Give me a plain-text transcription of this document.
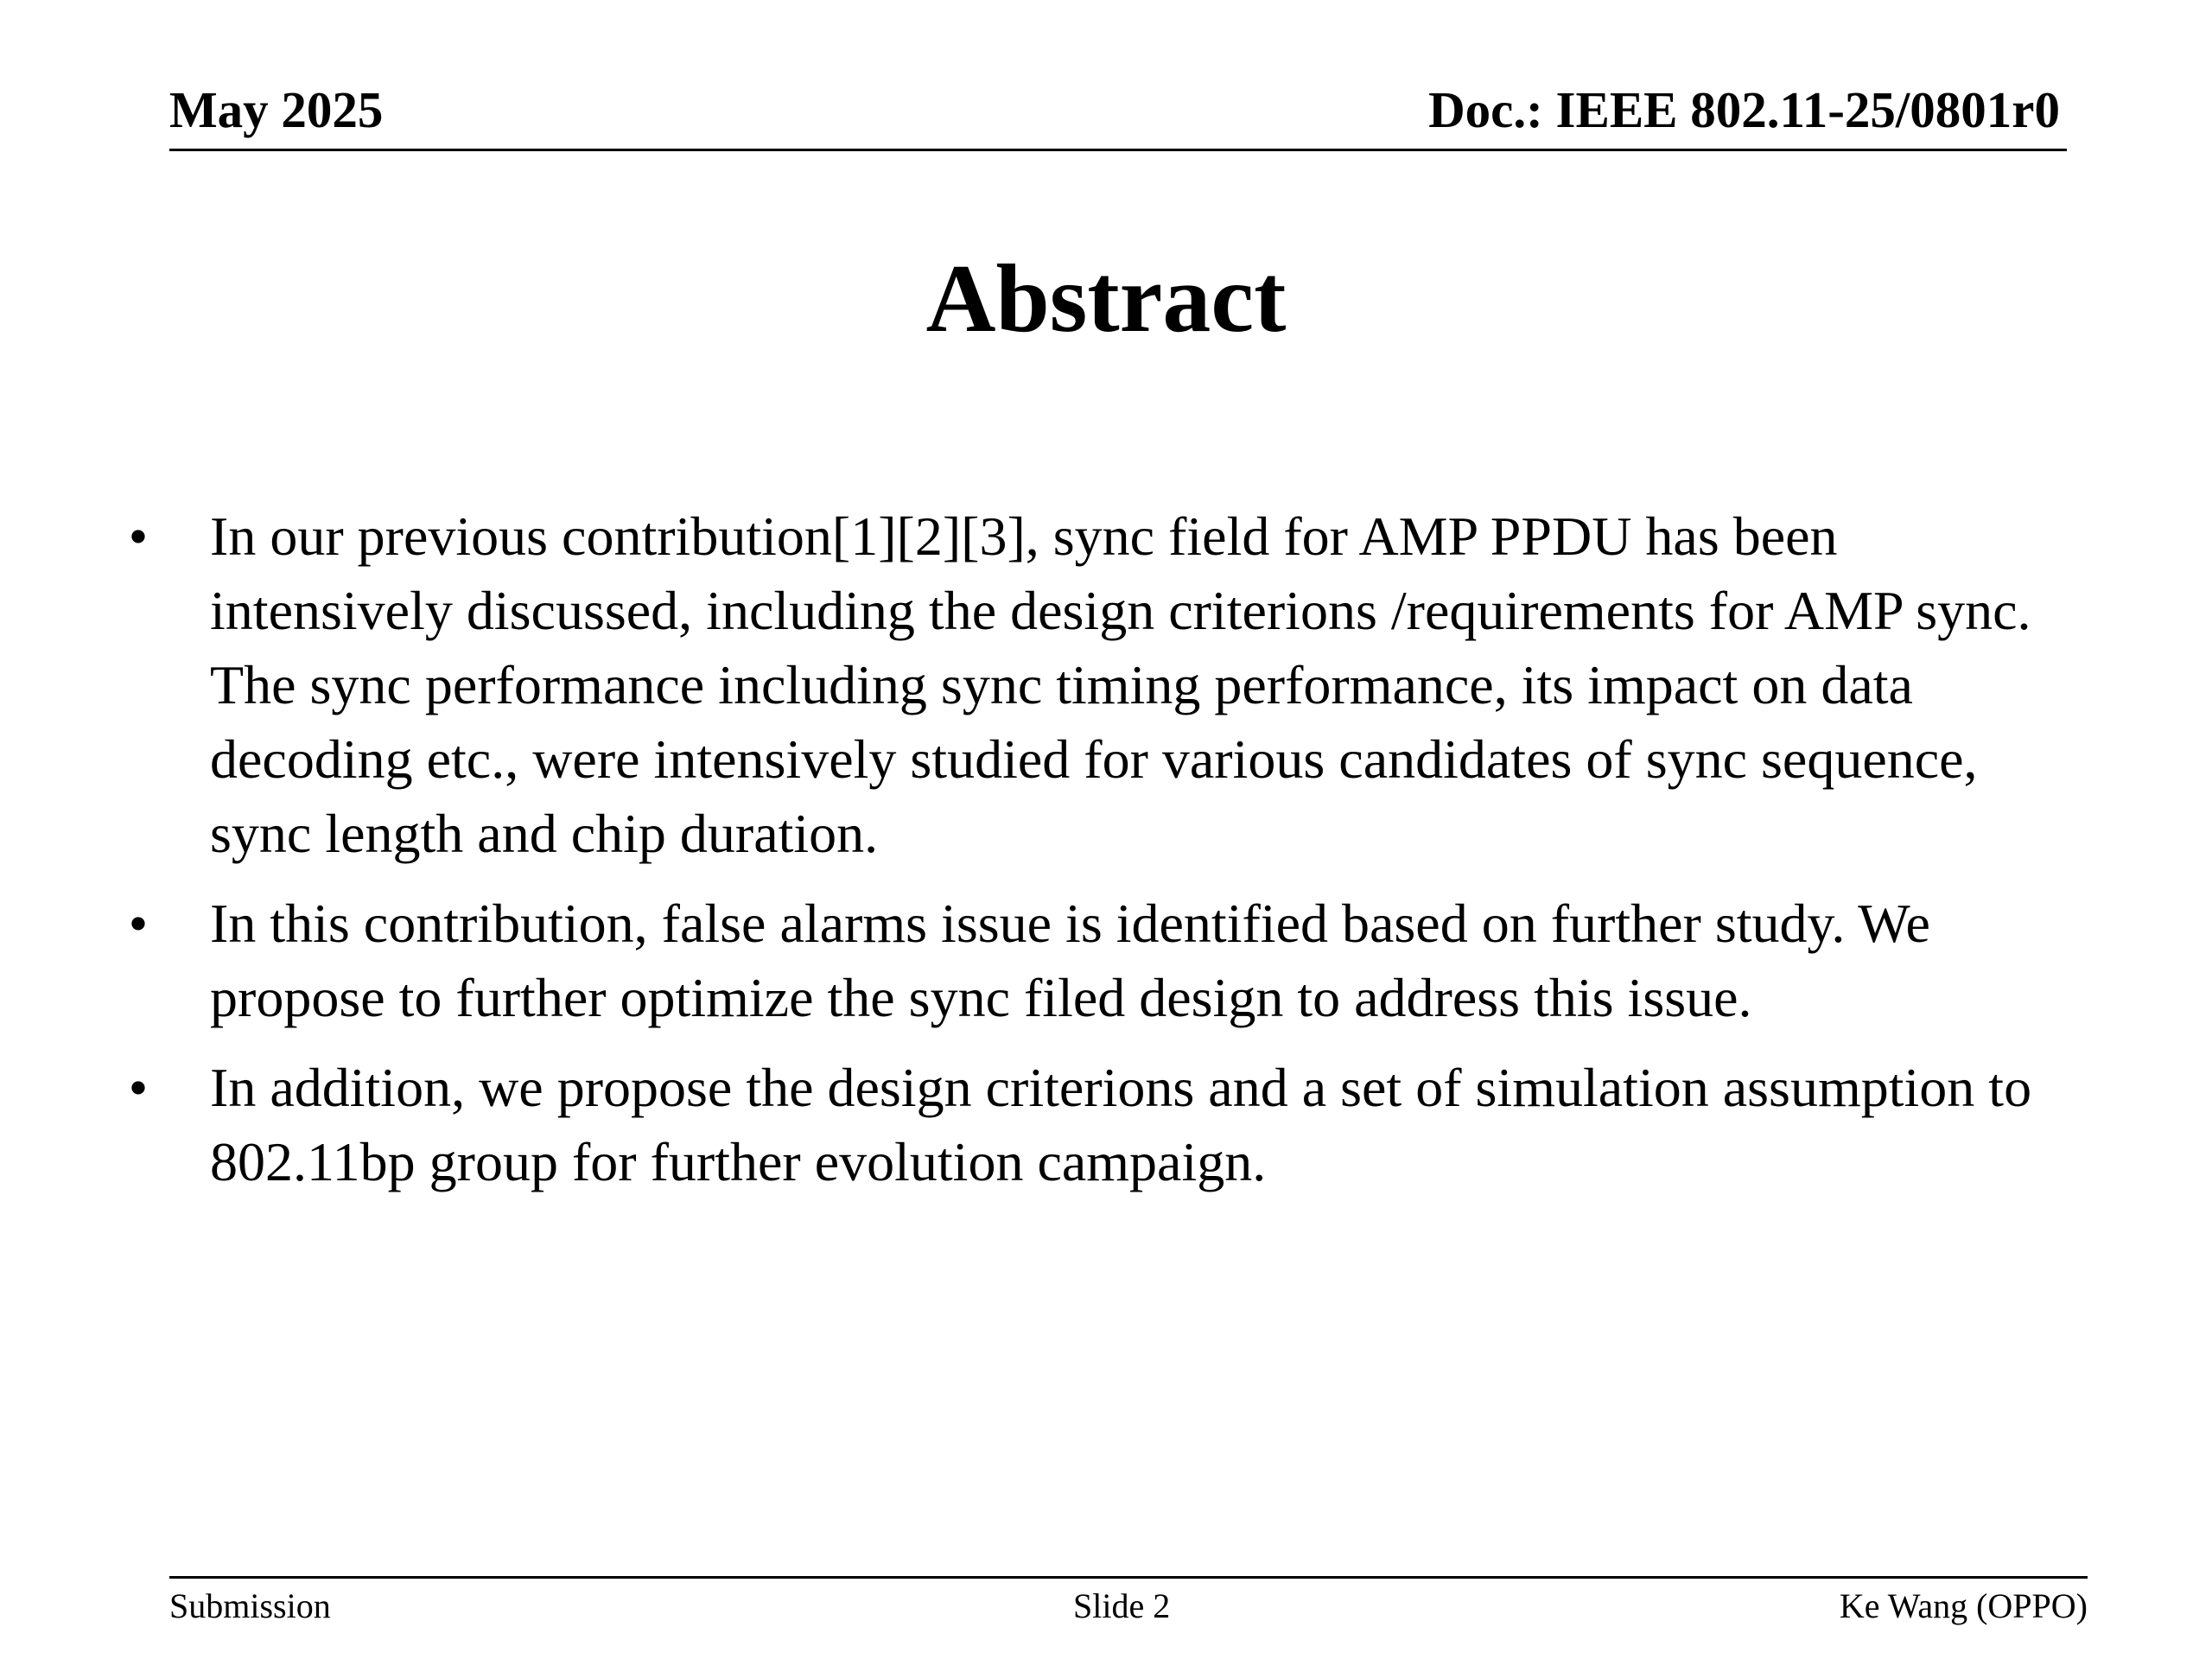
May 2025	Doc.: IEEE 802.11-25/0801r0
Abstract
• In our previous contribution[1][2][3], sync field for AMP PPDU has been intensively discussed, including the design criterions /requirements for AMP sync. The sync performance including sync timing performance, its impact on data decoding etc., were intensively studied for various candidates of sync sequence, sync length and chip duration.
• In this contribution, false alarms issue is identified based on further study. We propose to further optimize the sync filed design to address this issue.
• In addition, we propose the design criterions and a set of simulation assumption to 802.11bp group for further evolution campaign.
Submission	Slide 2	Ke Wang (OPPO)
